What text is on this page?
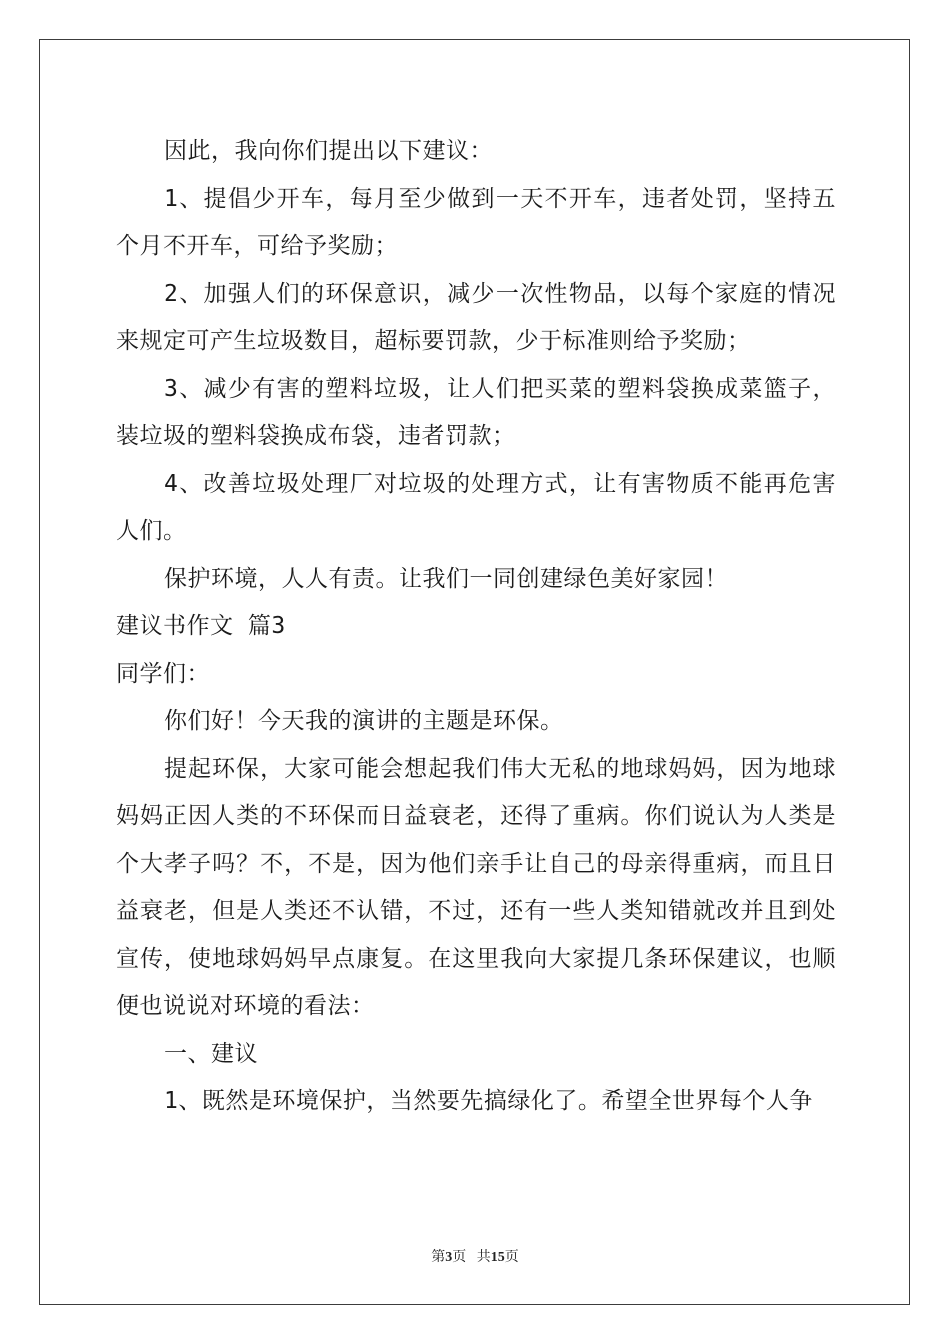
因此，我向你们提出以下建议：

1、提倡少开车，每月至少做到一天不开车，违者处罚，坚持五个月不开车，可给予奖励；

2、加强人们的环保意识，减少一次性物品，以每个家庭的情况来规定可产生垃圾数目，超标要罚款，少于标准则给予奖励；

3、减少有害的塑料垃圾，让人们把买菜的塑料袋换成菜篮子，装垃圾的塑料袋换成布袋，违者罚款；

4、改善垃圾处理厂对垃圾的处理方式，让有害物质不能再危害人们。

保护环境，人人有责。让我们一同创建绿色美好家园！

建议书作文 篇3

同学们：

你们好！今天我的演讲的主题是环保。

提起环保，大家可能会想起我们伟大无私的地球妈妈，因为地球妈妈正因人类的不环保而日益衰老，还得了重病。你们说认为人类是个大孝子吗？不，不是，因为他们亲手让自己的母亲得重病，而且日益衰老，但是人类还不认错，不过，还有一些人类知错就改并且到处宣传，使地球妈妈早点康复。在这里我向大家提几条环保建议，也顺便也说说对环境的看法：

一、建议

1、既然是环境保护，当然要先搞绿化了。希望全世界每个人争

第3页 共15页
